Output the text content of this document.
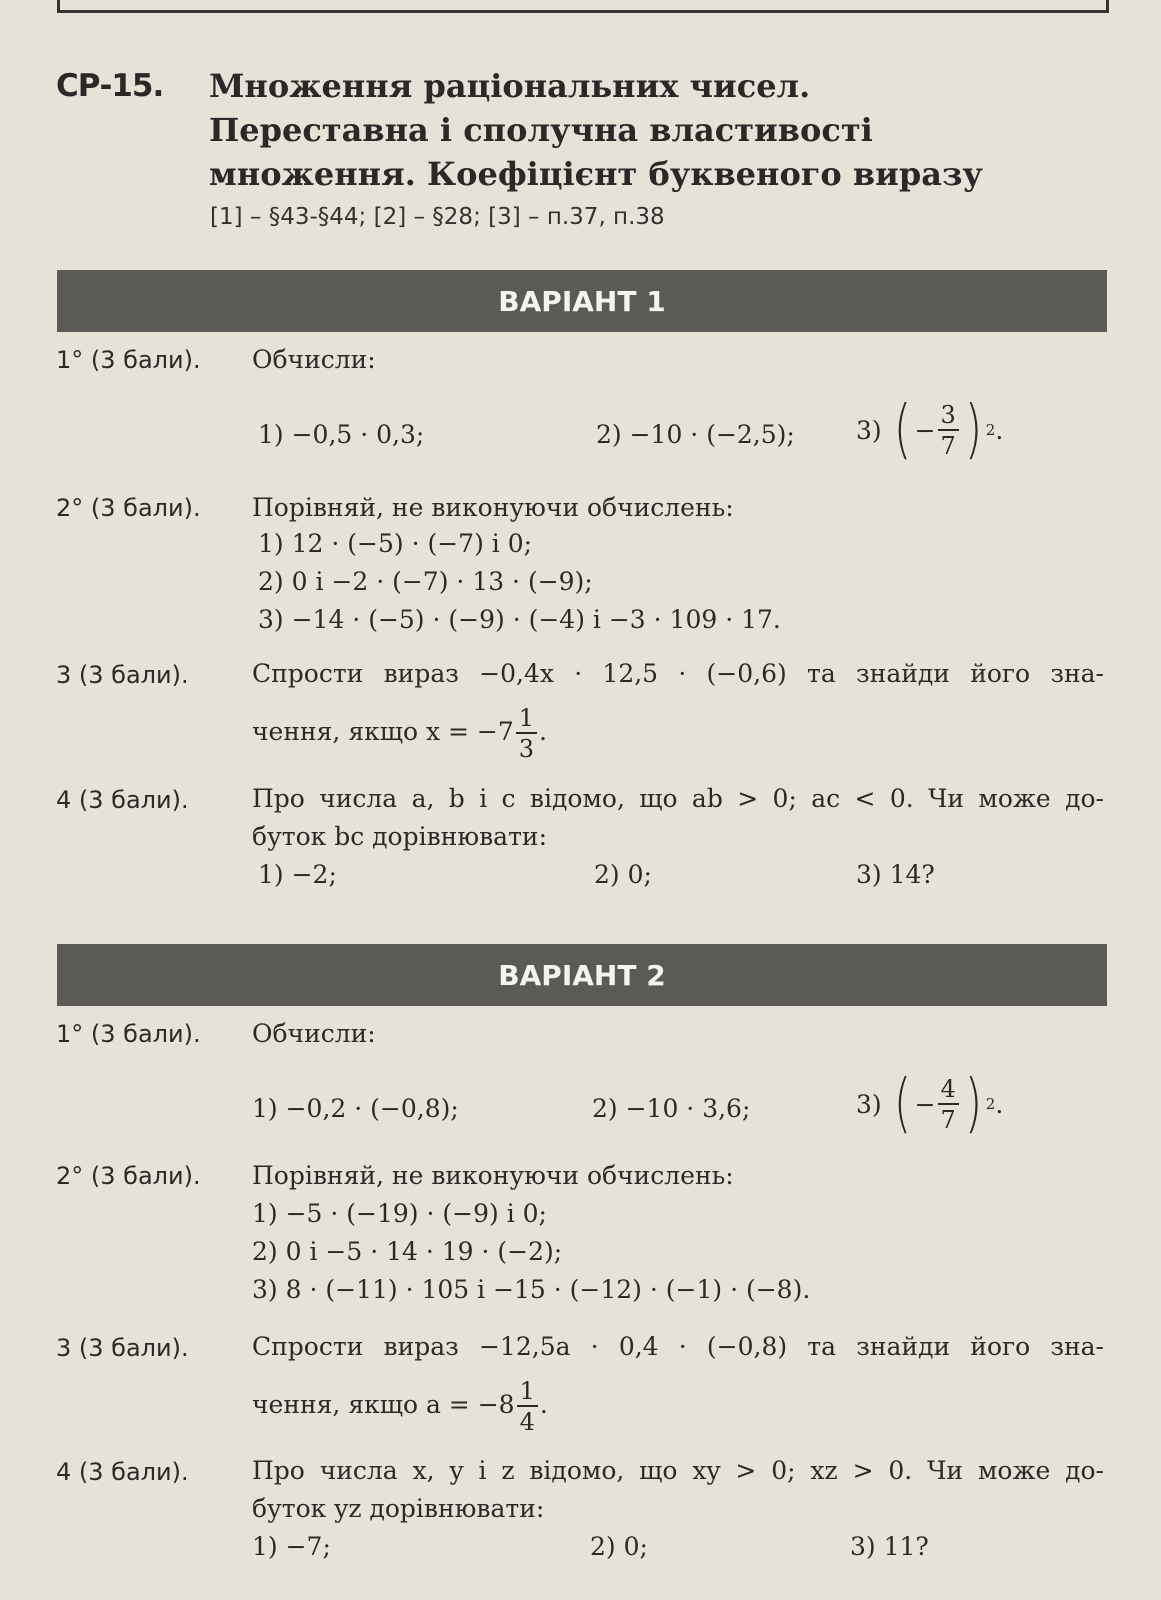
СР-15. Множення раціональних чисел.
Переставна і сполучна властивості
множення. Коефіцієнт буквеного виразу
[1] – §43-§44; [2] – §28; [3] – п.37, п.38
ВАРІАНТ 1
1° (3 бали). Обчисли:
1) −0,5 · 0,3;	2) −10 · (−2,5); 3)
( − $\frac{3}{7}$ ) 2 .
2° (3 бали). Порівняй, не виконуючи обчислень:
1) 12 · (−5) · (−7) і 0;
2) 0 і −2 · (−7) · 13 · (−9);
3) −14 · (−5) · (−9) · (−4) і −3 · 109 · 17.
3 (3 бали).	Спрости вираз −0,4x · 12,5 · (−0,6) та знайди його зна-
чення, якщо $x = -7 \frac{1}{3}$ .
4 (3 бали).	Про числа a, b і c відомо, що ab > 0; ac < 0. Чи може до-
буток bc дорівнювати:
1) −2;	2) 0;	3) 14?
ВАРІАНТ 2
1° (3 бали). Обчисли:
1) −0,2 · (−0,8);	2) −10 · 3,6;	3)
( − $\frac{4}{7}$ ) 2 .
2° (3 бали). Порівняй, не виконуючи обчислень:
1) −5 · (−19) · (−9) і 0;
2) 0 і −5 · 14 · 19 · (−2);
3) 8 · (−11) · 105 і −15 · (−12) · (−1) · (−8).
3 (3 бали).	Спрости вираз −12,5a · 0,4 · (−0,8) та знайди його зна-
чення, якщо $a = -8 \frac{1}{4}$ .
4 (3 бали).	Про числа x, y і z відомо, що xy > 0; xz > 0. Чи може до-
буток yz дорівнювати:
1) −7;	2) 0;	3) 11?
